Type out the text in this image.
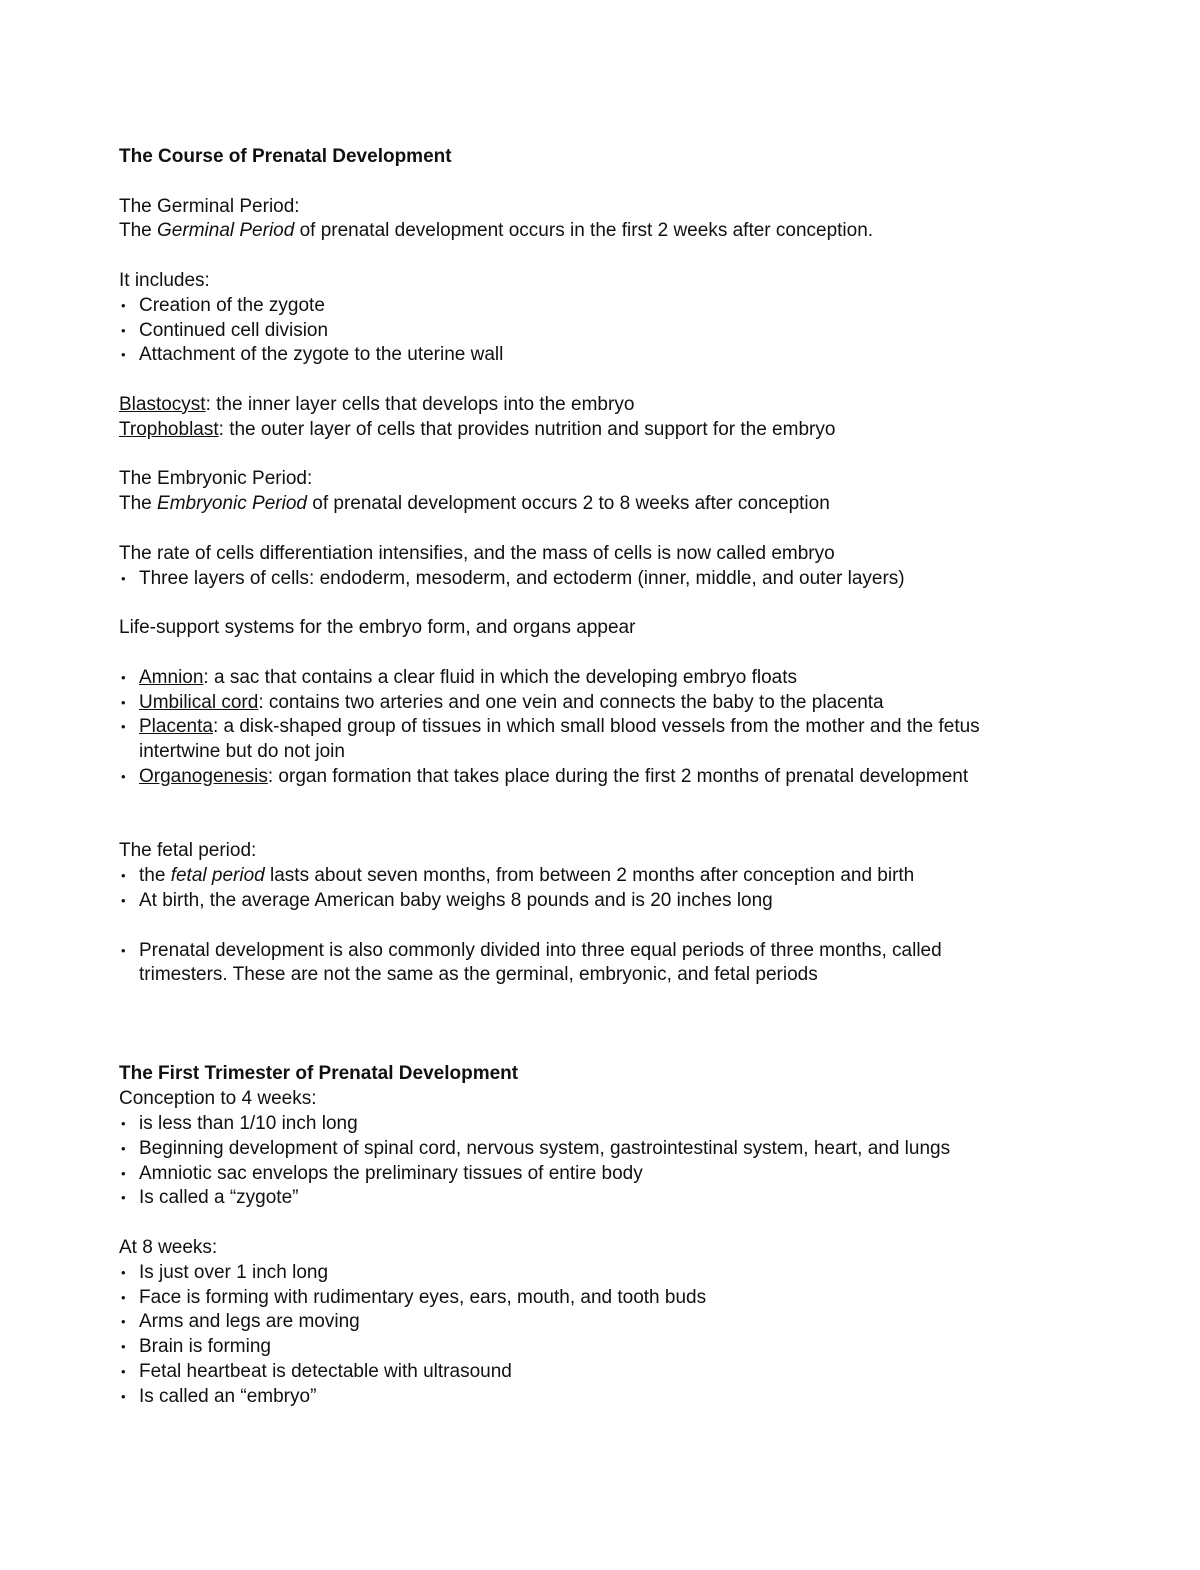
The Course of Prenatal Development
The Germinal Period:
The Germinal Period of prenatal development occurs in the first 2 weeks after conception.
It includes:
• Creation of the zygote
• Continued cell division
• Attachment of the zygote to the uterine wall
Blastocyst: the inner layer cells that develops into the embryo
Trophoblast: the outer layer of cells that provides nutrition and support for the embryo
The Embryonic Period:
The Embryonic Period of prenatal development occurs 2 to 8 weeks after conception
The rate of cells differentiation intensifies, and the mass of cells is now called embryo
• Three layers of cells: endoderm, mesoderm, and ectoderm (inner, middle, and outer layers)
Life-support systems for the embryo form, and organs appear
• Amnion: a sac that contains a clear fluid in which the developing embryo floats
• Umbilical cord: contains two arteries and one vein and connects the baby to the placenta
• Placenta: a disk-shaped group of tissues in which small blood vessels from the mother and the fetus
intertwine but do not join
• Organogenesis: organ formation that takes place during the first 2 months of prenatal development
The fetal period:
• the fetal period lasts about seven months, from between 2 months after conception and birth
• At birth, the average American baby weighs 8 pounds and is 20 inches long
• Prenatal development is also commonly divided into three equal periods of three months, called
trimesters. These are not the same as the germinal, embryonic, and fetal periods
The First Trimester of Prenatal Development
Conception to 4 weeks:
• is less than 1/10 inch long
• Beginning development of spinal cord, nervous system, gastrointestinal system, heart, and lungs
• Amniotic sac envelops the preliminary tissues of entire body
• Is called a “zygote”
At 8 weeks:
• Is just over 1 inch long
• Face is forming with rudimentary eyes, ears, mouth, and tooth buds
• Arms and legs are moving
• Brain is forming
• Fetal heartbeat is detectable with ultrasound
• Is called an “embryo”
